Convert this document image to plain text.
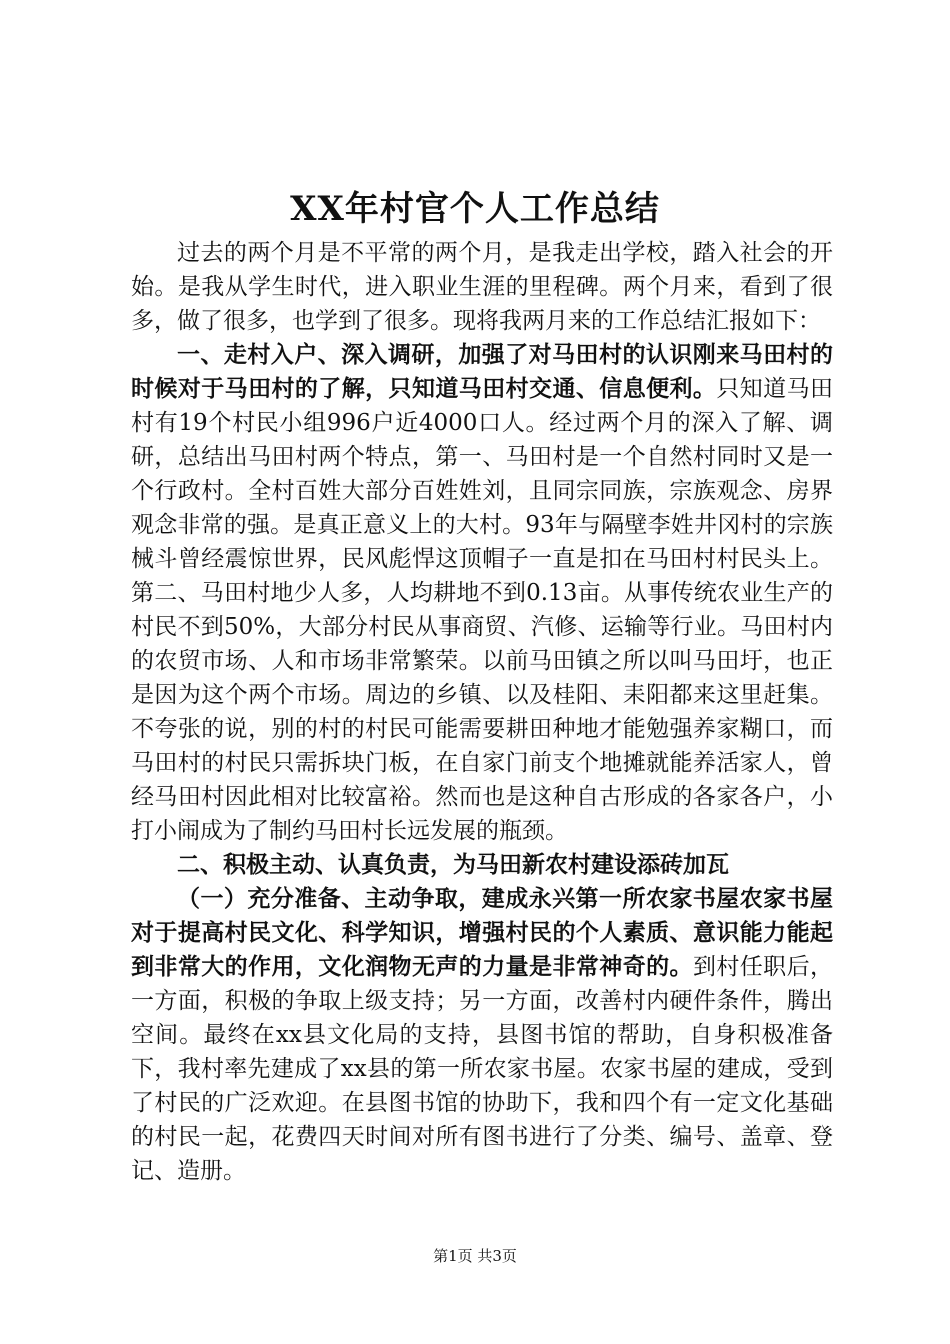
XX年村官个人工作总结

过去的两个月是不平常的两个月，是我走出学校，踏入社会的开始。是我从学生时代，进入职业生涯的里程碑。两个月来，看到了很多，做了很多，也学到了很多。现将我两月来的工作总结汇报如下：

一、走村入户、深入调研，加强了对马田村的认识刚来马田村的时候对于马田村的了解，只知道马田村交通、信息便利。只知道马田村有19个村民小组996户近4000口人。经过两个月的深入了解、调研，总结出马田村两个特点，第一、马田村是一个自然村同时又是一个行政村。全村百姓大部分百姓姓刘，且同宗同族，宗族观念、房界观念非常的强。是真正意义上的大村。93年与隔壁李姓井冈村的宗族械斗曾经震惊世界，民风彪悍这顶帽子一直是扣在马田村村民头上。第二、马田村地少人多，人均耕地不到0.13亩。从事传统农业生产的村民不到50%，大部分村民从事商贸、汽修、运输等行业。马田村内的农贸市场、人和市场非常繁荣。以前马田镇之所以叫马田圩，也正是因为这个两个市场。周边的乡镇、以及桂阳、耒阳都来这里赶集。不夸张的说，别的村的村民可能需要耕田种地才能勉强养家糊口，而马田村的村民只需拆块门板，在自家门前支个地摊就能养活家人，曾经马田村因此相对比较富裕。然而也是这种自古形成的各家各户，小打小闹成为了制约马田村长远发展的瓶颈。

二、积极主动、认真负责，为马田新农村建设添砖加瓦

（一）充分准备、主动争取，建成永兴第一所农家书屋农家书屋对于提高村民文化、科学知识，增强村民的个人素质、意识能力能起到非常大的作用，文化润物无声的力量是非常神奇的。到村任职后，一方面，积极的争取上级支持；另一方面，改善村内硬件条件，腾出空间。最终在xx县文化局的支持，县图书馆的帮助，自身积极准备下，我村率先建成了xx县的第一所农家书屋。农家书屋的建成，受到了村民的广泛欢迎。在县图书馆的协助下，我和四个有一定文化基础的村民一起，花费四天时间对所有图书进行了分类、编号、盖章、登记、造册。

第1页 共3页
